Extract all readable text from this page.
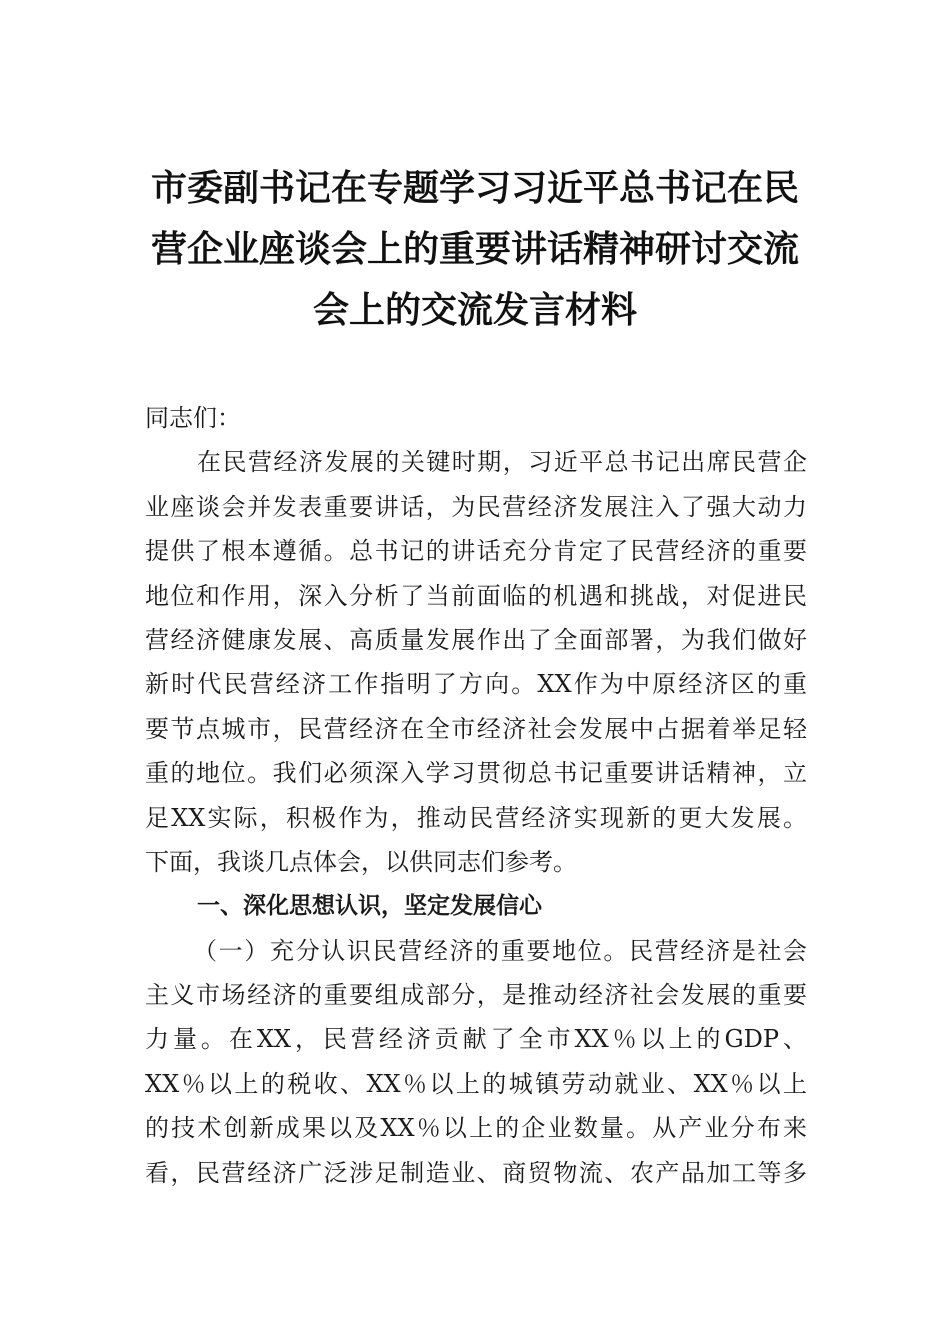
市委副书记在专题学习习近平总书记在民
营企业座谈会上的重要讲话精神研讨交流
会上的交流发言材料
同志们：
在民营经济发展的关键时期，习近平总书记出席民营企
业座谈会并发表重要讲话，为民营经济发展注入了强大动力
提供了根本遵循。总书记的讲话充分肯定了民营经济的重要
地位和作用，深入分析了当前面临的机遇和挑战，对促进民
营经济健康发展、高质量发展作出了全面部署，为我们做好
新时代民营经济工作指明了方向。XX作为中原经济区的重
要节点城市，民营经济在全市经济社会发展中占据着举足轻
重的地位。我们必须深入学习贯彻总书记重要讲话精神，立
足XX实际，积极作为，推动民营经济实现新的更大发展。
下面，我谈几点体会，以供同志们参考。
一、深化思想认识，坚定发展信心
（一）充分认识民营经济的重要地位。民营经济是社会
主义市场经济的重要组成部分，是推动经济社会发展的重要
力量。在XX，民营经济贡献了全市XX％以上的GDP、
XX％以上的税收、XX％以上的城镇劳动就业、XX％以上
的技术创新成果以及XX％以上的企业数量。从产业分布来
看，民营经济广泛涉足制造业、商贸物流、农产品加工等多
